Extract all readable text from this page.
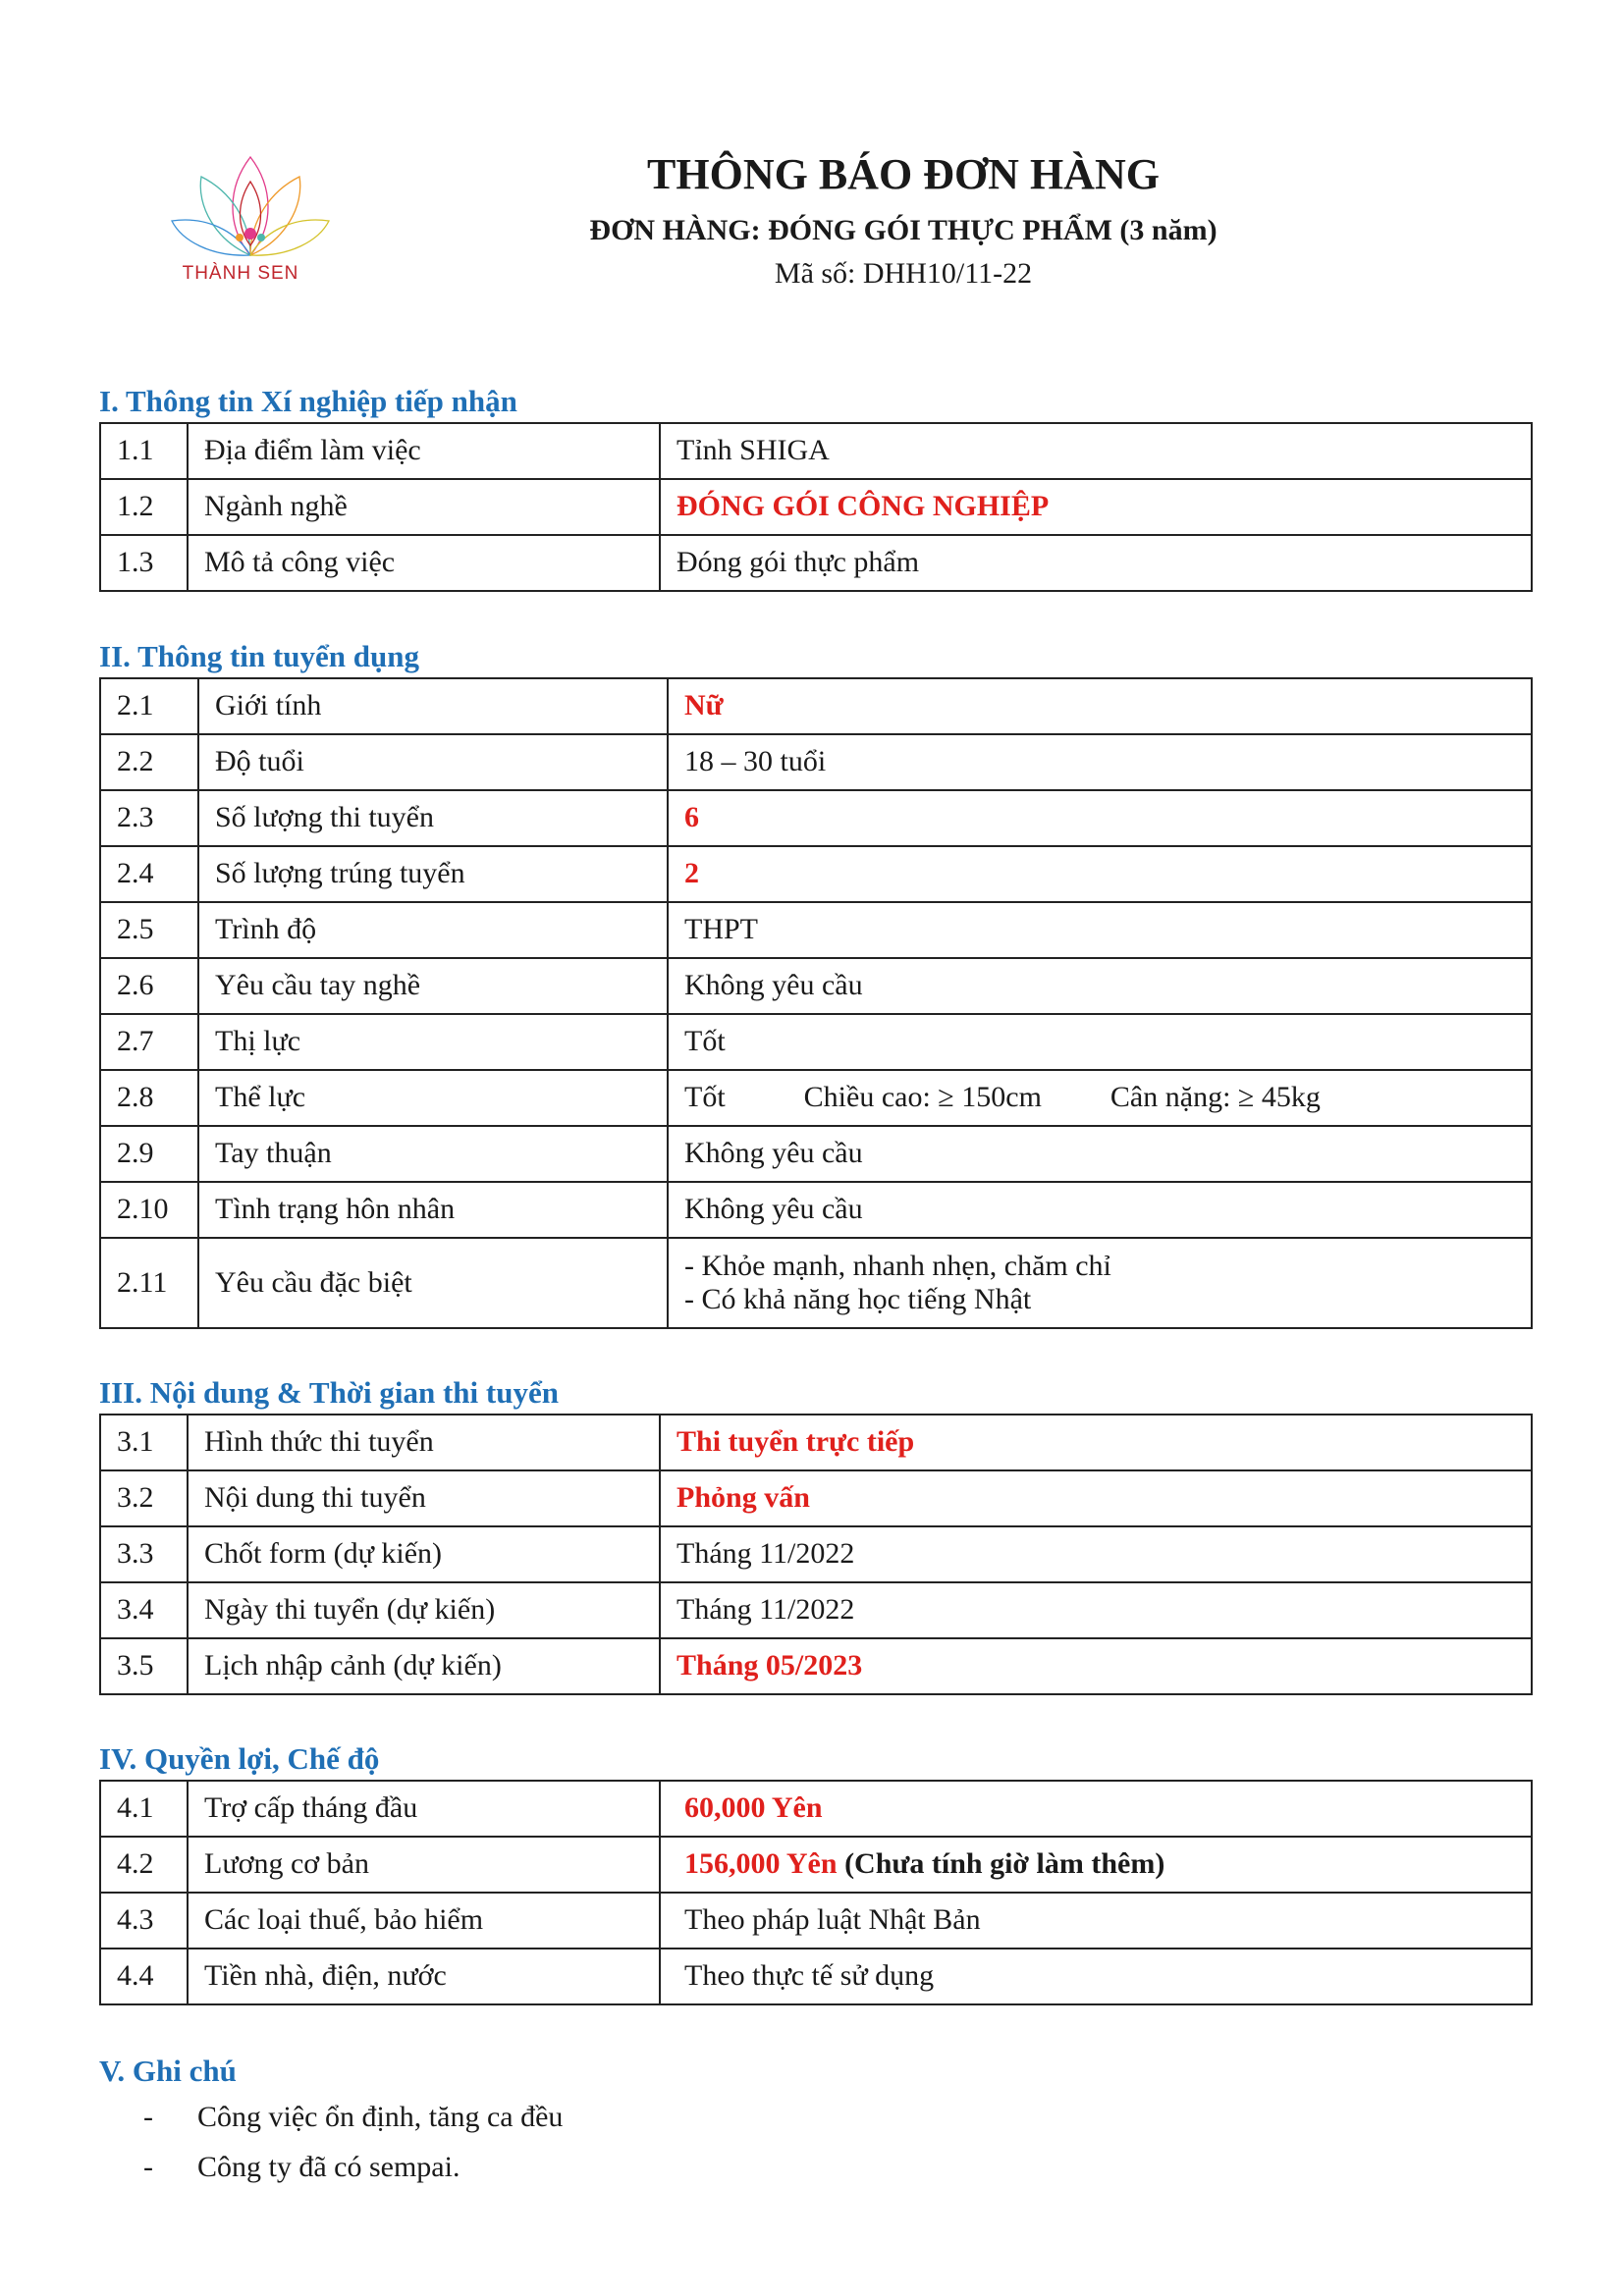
THÀNH SEN
THÔNG BÁO ĐƠN HÀNG
ĐƠN HÀNG: ĐÓNG GÓI THỰC PHẨM (3 năm)
Mã số: DHH10/11-22
I. Thông tin Xí nghiệp tiếp nhận
1.1	Địa điểm làm việc	Tỉnh SHIGA
1.2	Ngành nghề	ĐÓNG GÓI CÔNG NGHIỆP
1.3	Mô tả công việc	Đóng gói thực phẩm
II. Thông tin tuyển dụng
2.1	Giới tính	Nữ
2.2	Độ tuổi	18 – 30 tuổi
2.3	Số lượng thi tuyển	6
2.4	Số lượng trúng tuyển	2
2.5	Trình độ	THPT
2.6	Yêu cầu tay nghề	Không yêu cầu
2.7	Thị lực	Tốt
2.8	Thể lực	Tốt Chiều cao: ≥ 150cm Cân nặng: ≥ 45kg
2.9	Tay thuận	Không yêu cầu
2.10	Tình trạng hôn nhân	Không yêu cầu
2.11	Yêu cầu đặc biệt	- Khỏe mạnh, nhanh nhẹn, chăm chỉ
- Có khả năng học tiếng Nhật
III. Nội dung & Thời gian thi tuyển
3.1	Hình thức thi tuyển	Thi tuyển trực tiếp
3.2	Nội dung thi tuyển	Phỏng vấn
3.3	Chốt form (dự kiến)	Tháng 11/2022
3.4	Ngày thi tuyển (dự kiến)	Tháng 11/2022
3.5	Lịch nhập cảnh (dự kiến)	Tháng 05/2023
IV. Quyền lợi, Chế độ
4.1	Trợ cấp tháng đầu	60,000 Yên
4.2	Lương cơ bản	156,000 Yên (Chưa tính giờ làm thêm)
4.3	Các loại thuế, bảo hiểm	Theo pháp luật Nhật Bản
4.4	Tiền nhà, điện, nước	Theo thực tế sử dụng
V. Ghi chú
- Công việc ổn định, tăng ca đều
- Công ty đã có sempai.
